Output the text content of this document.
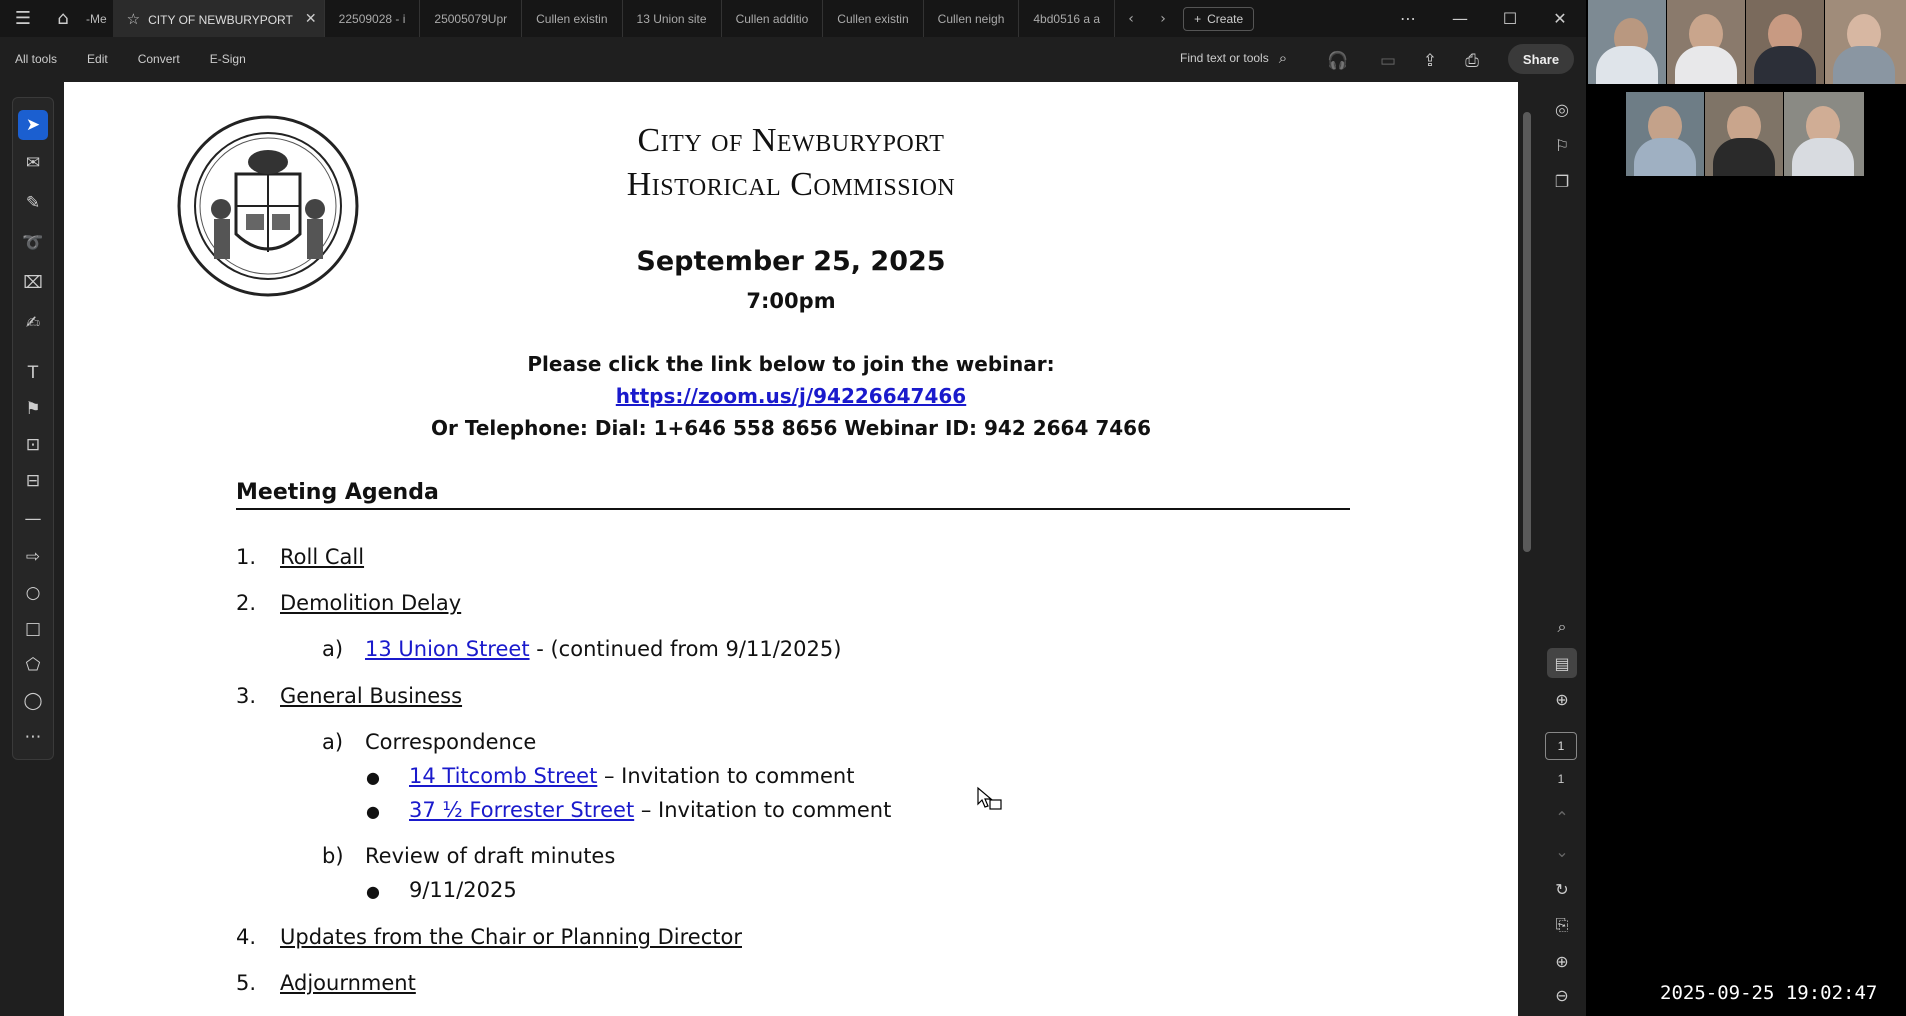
☰	⌂	-Me	☆ CITY OF NEWBURYPORT ✕	22509028 - i	25005079Upr	Cullen existin	13 Union site	Cullen additio	Cullen existin	Cullen neigh	4bd0516 a a	‹	›	+ Create	⋯	—	☐	✕
All tools	Edit	Convert	E-Sign	Find text or tools ⌕ 🎧 ▭ ⇪	⎙	Share
➤
✉
✎
➰
⌧
✍
T
⚑
⊡
⊟
—
⇨
○
□
⬠
◯
⋯
City of Newburyport
Historical Commission
September 25, 2025
7:00pm
Please click the link below to join the webinar:
https://zoom.us/j/94226647466
Or Telephone: Dial: 1+646 558 8656 Webinar ID: 942 2664 7466
Meeting Agenda
1. Roll Call
2. Demolition Delay
a) 13 Union Street - (continued from 9/11/2025)
3. General Business
a) Correspondence
● 14 Titcomb Street – Invitation to comment
● 37 ½ Forrester Street – Invitation to comment
b) Review of draft minutes
● 9/11/2025
4. Updates from the Chair or Planning Director
5. Adjournment
◎
⚐
❐
⌕
▤
⊕
⌃
⌄
↻
⎘
⊕
⊖
1
1
2025-09-25 19:02:47
